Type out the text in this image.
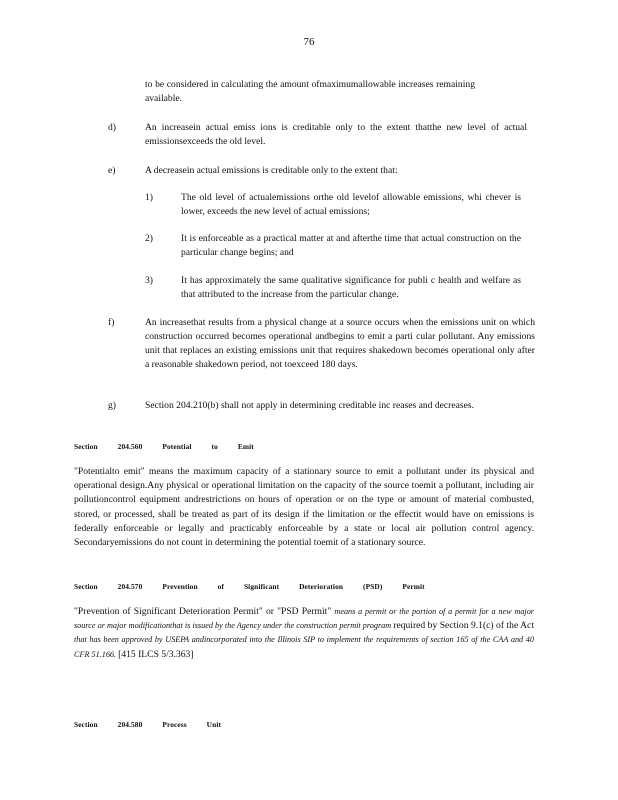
76
to be considered in calculating the amount ofmaximumallowable increases remaining available.
d)	An increasein actual emiss ions is creditable only to the extent thatthe new level of actual emissionsexceeds the old level.
e)	A decreasein actual emissions is creditable only to the extent that:
1)	The old level of actualemissions orthe old levelof allowable emissions, whi chever is lower, exceeds the new level of actual emissions;
2)	It is enforceable as a practical matter at and afterthe time that actual construction on the particular change begins; and
3)	It has approximately the same qualitative significance for publi c health and welfare as that attributed to the increase from the particular change.
f)	An increasethat results from a physical change at a source occurs when the emissions unit on which construction occurred becomes operational andbegins to emit a parti cular pollutant. Any emissions unit that replaces an existing emissions unit that requires shakedown becomes operational only after a reasonable shakedown period, not toexceed 180 days.
g)	Section 204.210(b) shall not apply in determining creditable inc reases and decreases.
Section	204.560	Potential	to	Emit
"Potentialto emit" means the maximum capacity of a stationary source to emit a pollutant under its physical and operational design.Any physical or operational limitation on the capacity of the source toemit a pollutant, including air pollutioncontrol equipment andrestrictions on hours of operation or on the type or amount of material combusted, stored, or processed, shall be treated as part of its design if the limitation or the effectit would have on emissions is federally enforceable or legally and practicably enforceable by a state or local air pollution control agency. Secondaryemissions do not count in determining the potential toemit of a stationary source.
Section	204.570	Prevention	of	Significant	Deterioration	(PSD)	Permit
"Prevention of Significant Deterioration Permit" or "PSD Permit" means a permit or the portion of a permit for a new major source or major modificationthat is issued by the Agency under the construction permit program required by Section 9.1(c) of the Act that has been approved by USEPA andincorporated into the Illinois SIP to implement the requirements of section 165 of the CAA and 40 CFR 51.166. [415 ILCS 5/3.363]
Section	204.580	Process	Unit
